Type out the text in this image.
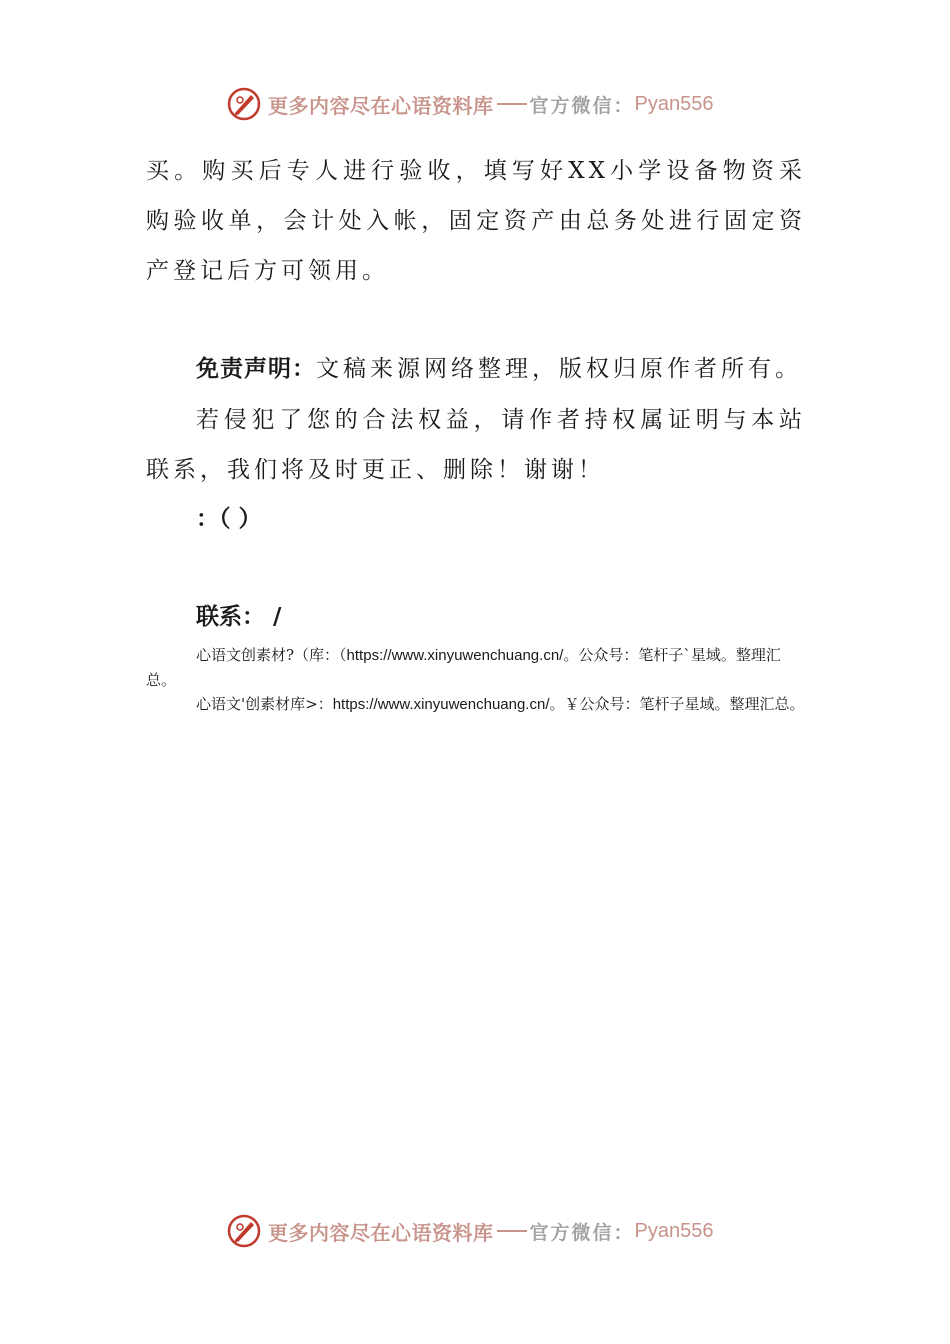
更多内容尽在心语资料库 官方微信： Pyan556

买。购买后专人进行验收，填写好XX小学设备物资采购验收单，会计处入帐，固定资产由总务处进行固定资产登记后方可领用。

免责声明：文稿来源网络整理，版权归原作者所有。

若侵犯了您的合法权益，请作者持权属证明与本站联系，我们将及时更正、删除！谢谢！

：（ ）
联系： /

心语文创素材?（库：（https://www.xinyuwenchuang.cn/。公众号：笔杆子`星域。整理汇总。

心语文'创素材库>：https://www.xinyuwenchuang.cn/。￥公众号：笔杆子星域。整理汇总。

更多内容尽在心语资料库 官方微信： Pyan556
